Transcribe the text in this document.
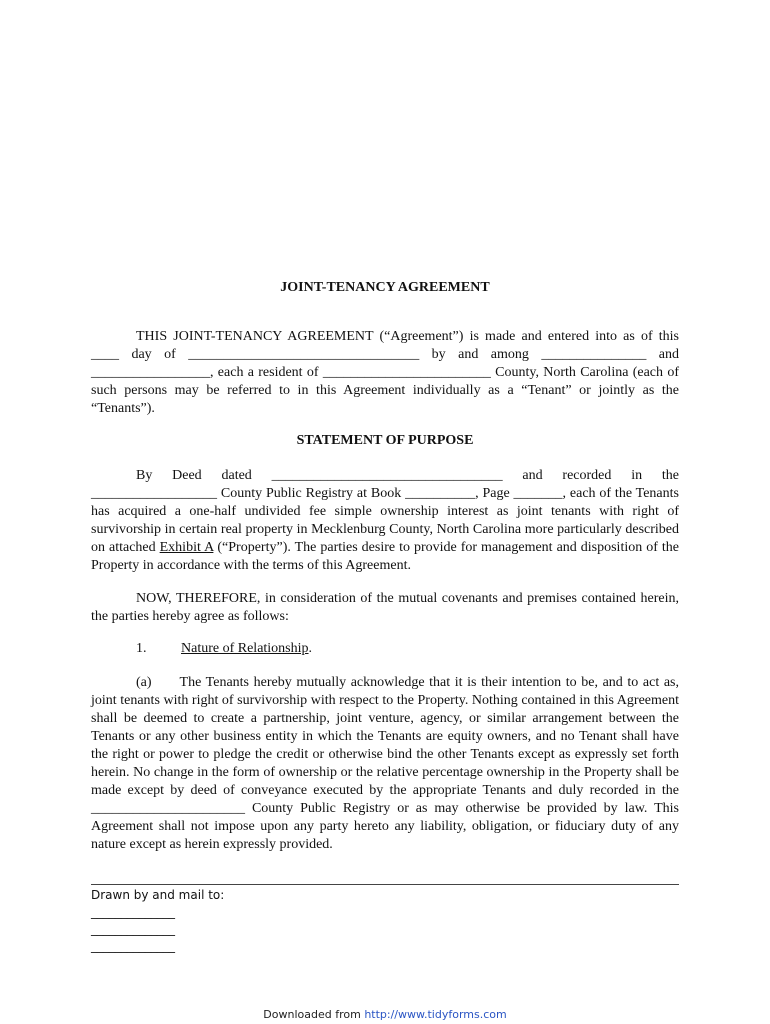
JOINT-TENANCY AGREEMENT

THIS JOINT-TENANCY AGREEMENT (“Agreement”) is made and entered into as of this ____ day of _________________________________ by and among _______________ and _________________, each a resident of ________________________ County, North Carolina (each of such persons may be referred to in this Agreement individually as a “Tenant” or jointly as the “Tenants”).

STATEMENT OF PURPOSE

By Deed dated _________________________________ and recorded in the __________________ County Public Registry at Book __________, Page _______, each of the Tenants has acquired a one-half undivided fee simple ownership interest as joint tenants with right of survivorship in certain real property in Mecklenburg County, North Carolina more particularly described on attached Exhibit A (“Property”). The parties desire to provide for management and disposition of the Property in accordance with the terms of this Agreement.

NOW, THEREFORE, in consideration of the mutual covenants and premises contained herein, the parties hereby agree as follows:

1. Nature of Relationship.

(a) The Tenants hereby mutually acknowledge that it is their intention to be, and to act as, joint tenants with right of survivorship with respect to the Property. Nothing contained in this Agreement shall be deemed to create a partnership, joint venture, agency, or similar arrangement between the Tenants or any other business entity in which the Tenants are equity owners, and no Tenant shall have the right or power to pledge the credit or otherwise bind the other Tenants except as expressly set forth herein. No change in the form of ownership or the relative percentage ownership in the Property shall be made except by deed of conveyance executed by the appropriate Tenants and duly recorded in the ______________________ County Public Registry or as may otherwise be provided by law. This Agreement shall not impose upon any party hereto any liability, obligation, or fiduciary duty of any nature except as herein expressly provided.

Drawn by and mail to:
______________
______________
______________
Downloaded from http://www.tidyforms.com
